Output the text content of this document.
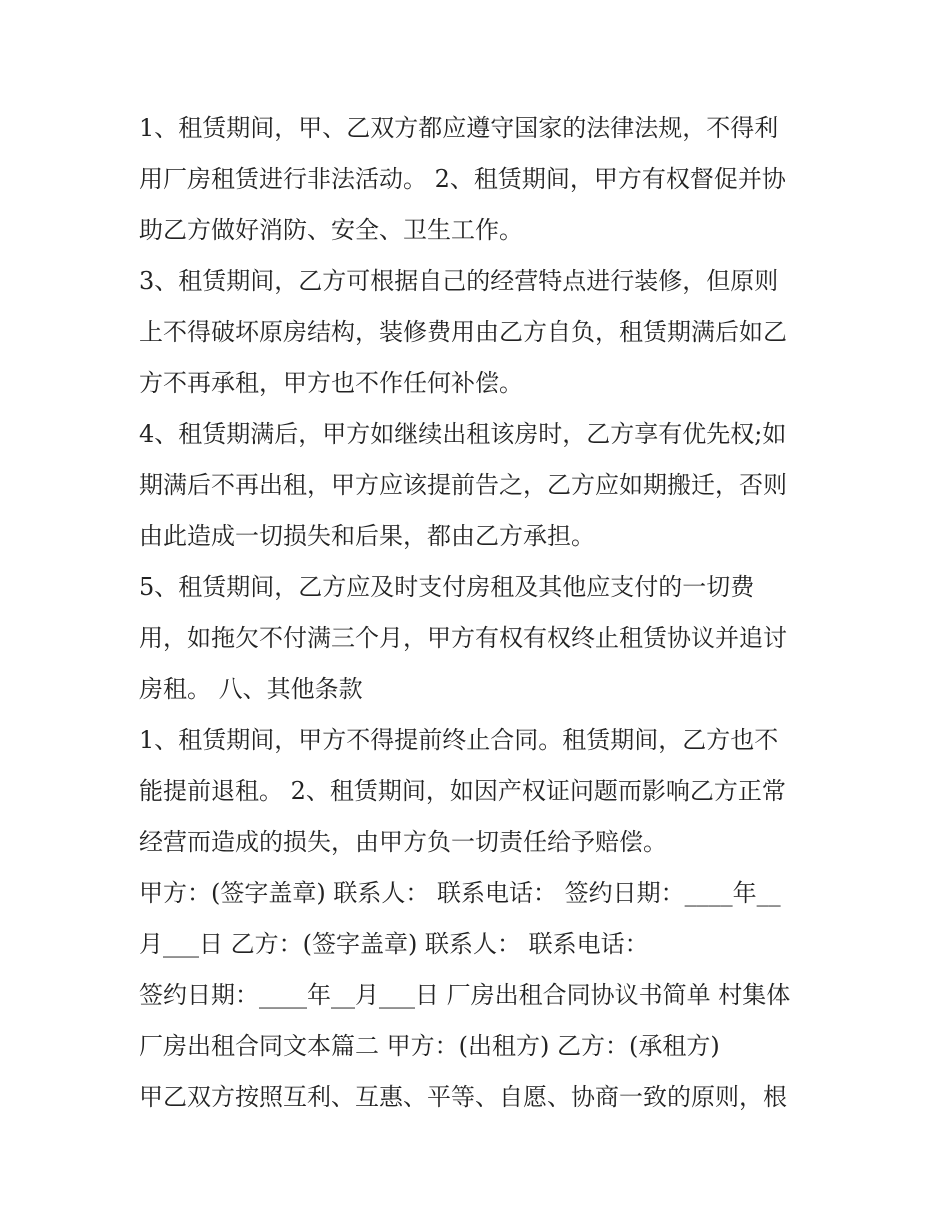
1、租赁期间，甲、乙双方都应遵守国家的法律法规，不得利
用厂房租赁进行非法活动。 2、租赁期间，甲方有权督促并协
助乙方做好消防、安全、卫生工作。
3、租赁期间，乙方可根据自己的经营特点进行装修，但原则
上不得破坏原房结构，装修费用由乙方自负，租赁期满后如乙
方不再承租，甲方也不作任何补偿。
4、租赁期满后，甲方如继续出租该房时，乙方享有优先权;如
期满后不再出租，甲方应该提前告之，乙方应如期搬迁，否则
由此造成一切损失和后果，都由乙方承担。
5、租赁期间，乙方应及时支付房租及其他应支付的一切费
用，如拖欠不付满三个月，甲方有权有权终止租赁协议并追讨
房租。 八、其他条款
1、租赁期间，甲方不得提前终止合同。租赁期间，乙方也不
能提前退租。 2、租赁期间，如因产权证问题而影响乙方正常
经营而造成的损失，由甲方负一切责任给予赔偿。
甲方：(签字盖章) 联系人： 联系电话： 签约日期：____年__
月___日 乙方：(签字盖章) 联系人： 联系电话：
签约日期：____年__月___日 厂房出租合同协议书简单 村集体
厂房出租合同文本篇二 甲方：(出租方) 乙方：(承租方)
甲乙双方按照互利、互惠、平等、自愿、协商一致的原则，根
